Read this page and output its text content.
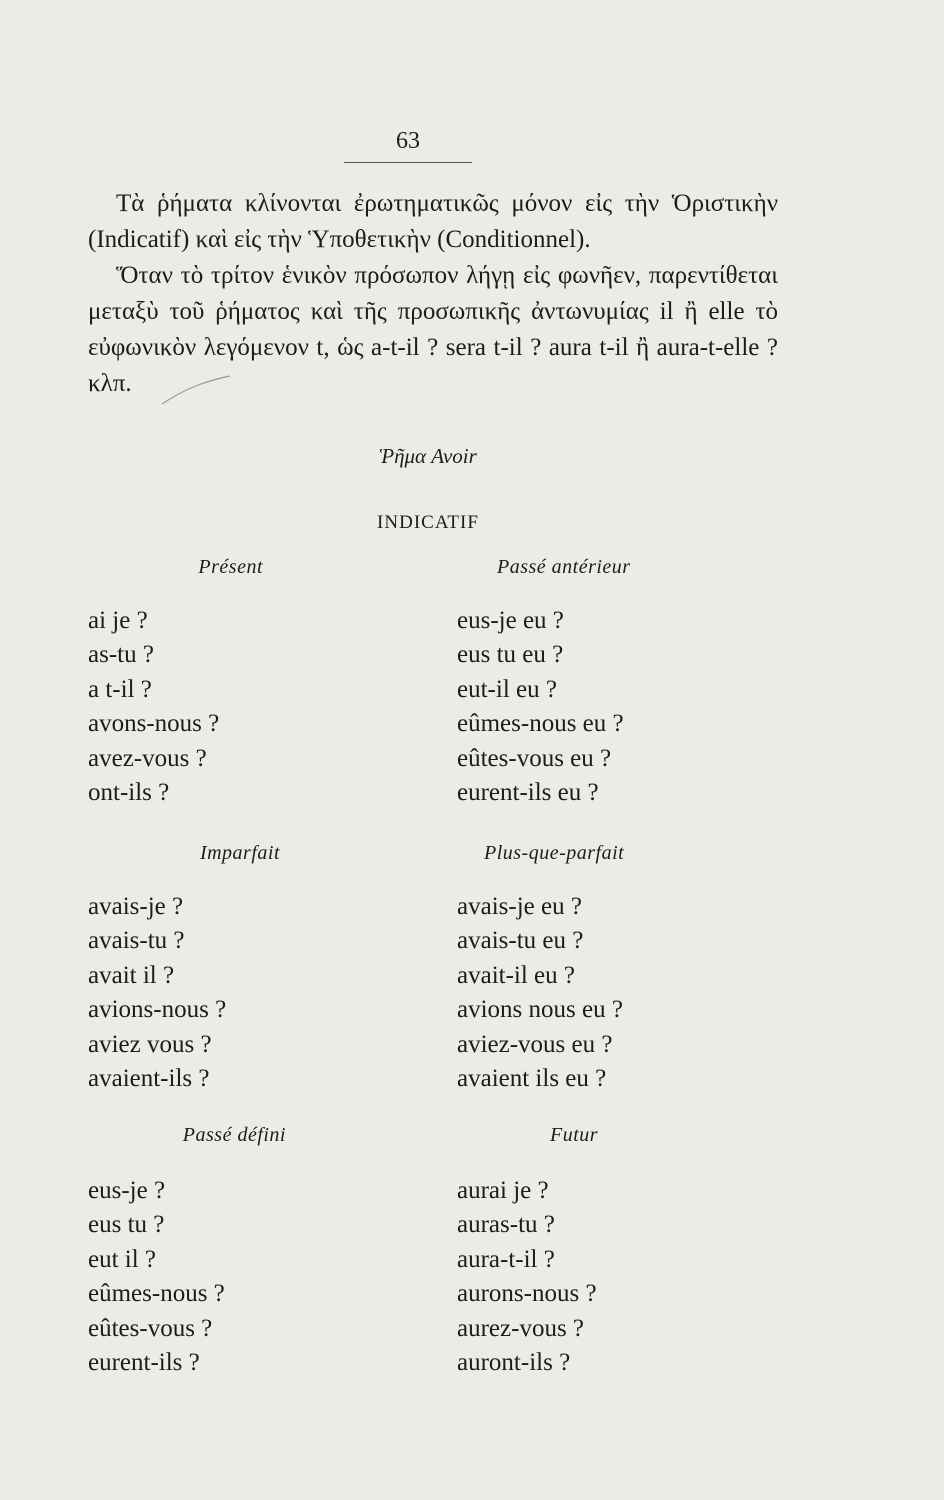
63

Τὰ ῥήματα κλίνονται ἐρωτηματικῶς μόνον εἰς τὴν Ὁριστικὴν (Indicatif) καὶ εἰς τὴν Ὑποθετικὴν (Conditionnel).

Ὅταν τὸ τρίτον ἑνικὸν πρόσωπον λήγῃ εἰς φωνῆεν, παρεντίθεται μεταξὺ τοῦ ῥήματος καὶ τῆς προσωπικῆς ἀντωνυμίας il ἢ elle τὸ εὐφωνικὸν λεγόμενον t, ὡς a-t-il ? sera t-il ? aura t-il ἢ aura-t-elle ? κλπ.

Ῥῆμα Avoir
INDICATIF
Présent
ai je ?
as-tu ?
a t-il ?
avons-nous ?
avez-vous ?
ont-ils ?
Passé antérieur
eus-je eu ?
eus tu eu ?
eut-il eu ?
eûmes-nous eu ?
eûtes-vous eu ?
eurent-ils eu ?
Imparfait
avais-je ?
avais-tu ?
avait il ?
avions-nous ?
aviez vous ?
avaient-ils ?
Plus-que-parfait
avais-je eu ?
avais-tu eu ?
avait-il eu ?
avions nous eu ?
aviez-vous eu ?
avaient ils eu ?
Passé défini
eus-je ?
eus tu ?
eut il ?
eûmes-nous ?
eûtes-vous ?
eurent-ils ?
Futur
aurai je ?
auras-tu ?
aura-t-il ?
aurons-nous ?
aurez-vous ?
auront-ils ?
